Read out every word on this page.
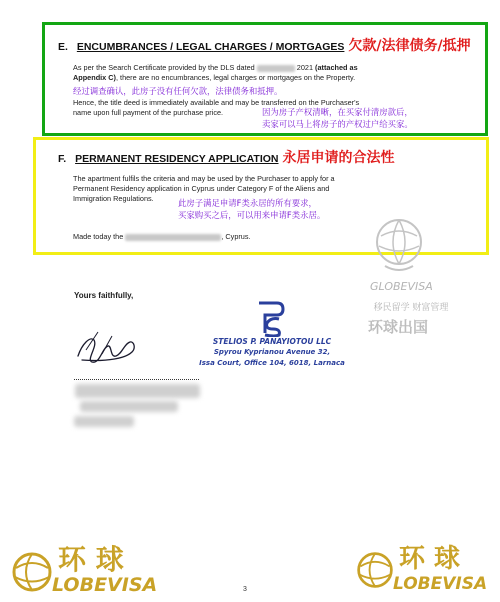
E. ENCUMBRANCES / LEGAL CHARGES / MORTGAGES 欠款/法律债务/抵押
As per the Search Certificate provided by the DLS dated	2021 (attached as
Appendix C), there are no encumbrances, legal charges or mortgages on the Property.
经过调查确认，此房子没有任何欠款，法律债务和抵押。
Hence, the title deed is immediately available and may be transferred on the Purchaser's
name upon full payment of the purchase price.	因为房子产权清晰，在买家付清房款后，
卖家可以马上将房子的产权过户给买家。
F. PERMANENT RESIDENCY APPLICATION 永居申请的合法性
The apartment fulfils the criteria and may be used by the Purchaser to apply for a
Permanent Residency application in Cyprus under Category F of the Aliens and
Immigration Regulations.	此房子满足申请F类永居的所有要求，
买家购买之后，可以用来申请F类永居。
Made today the	, Cyprus.
Yours faithfully,
STELIOS P. PANAYIOTOU LLC
Spyrou Kyprianou Avenue 32,
Issa Court, Office 104, 6018, Larnaca
GLOBEVISA
移民留学 财富管理
环球出国
环 球
LOBEVISA
环 球
LOBEVISA
3
